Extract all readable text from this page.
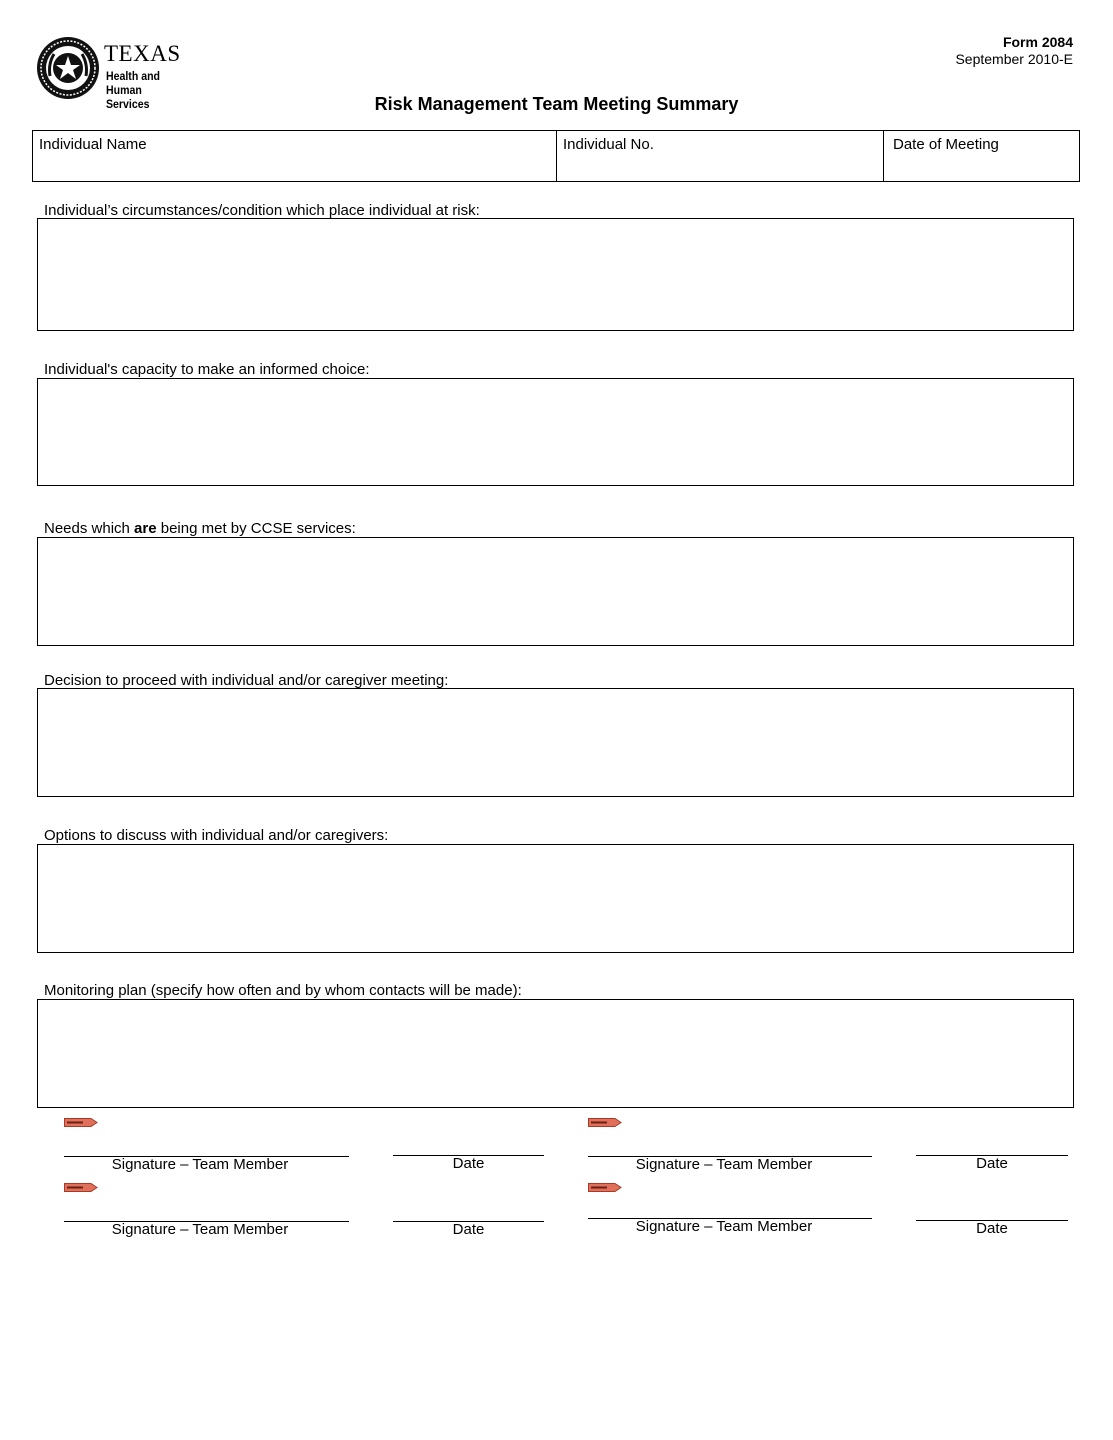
TEXAS
Health and Human
Services
Form 2084
September 2010-E
Risk Management Team Meeting Summary
Individual Name	Individual No.	Date of Meeting
Individual’s circumstances/condition which place individual at risk:
Individual's capacity to make an informed choice:
Needs which are being met by CCSE services:
Decision to proceed with individual and/or caregiver meeting:
Options to discuss with individual and/or caregivers:
Monitoring plan (specify how often and by whom contacts will be made):
Signature – Team Member	Date	Signature – Team Member	Date
Signature – Team Member	Date	Signature – Team Member	Date
